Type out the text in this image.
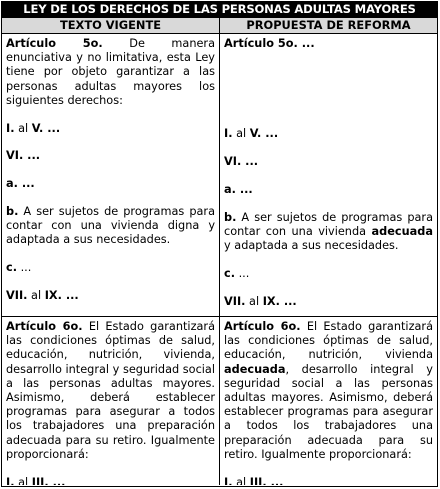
LEY DE LOS DERECHOS DE LAS PERSONAS ADULTAS MAYORES
TEXTO VIGENTE	PROPUESTA DE REFORMA

Artículo 5o. De manera enunciativa y no limitativa, esta Ley tiene por objeto garantizar a las personas adultas mayores los siguientes derechos:

I. al V. ...

VI. ...

a. ...

b. A ser sujetos de programas para contar con una vivienda digna y adaptada a sus necesidades.

c. ...

VII. al IX. ...

Artículo 5o. ...

I. al V. ...

VI. ...

a. ...

b. A ser sujetos de programas para contar con una vivienda adecuada y adaptada a sus necesidades.

c. ...

VII. al IX. ...

Artículo 6o. El Estado garantizará las condiciones óptimas de salud, educación, nutrición, vivienda, desarrollo integral y seguridad social a las personas adultas mayores. Asimismo, deberá establecer programas para asegurar a todos los trabajadores una preparación adecuada para su retiro. Igualmente proporcionará:

I. al III. ...

Artículo 6o. El Estado garantizará las condiciones óptimas de salud, educación, nutrición, vivienda adecuada, desarrollo integral y seguridad social a las personas adultas mayores. Asimismo, deberá establecer programas para asegurar a todos los trabajadores una preparación adecuada para su retiro. Igualmente proporcionará:

I. al III. ...
